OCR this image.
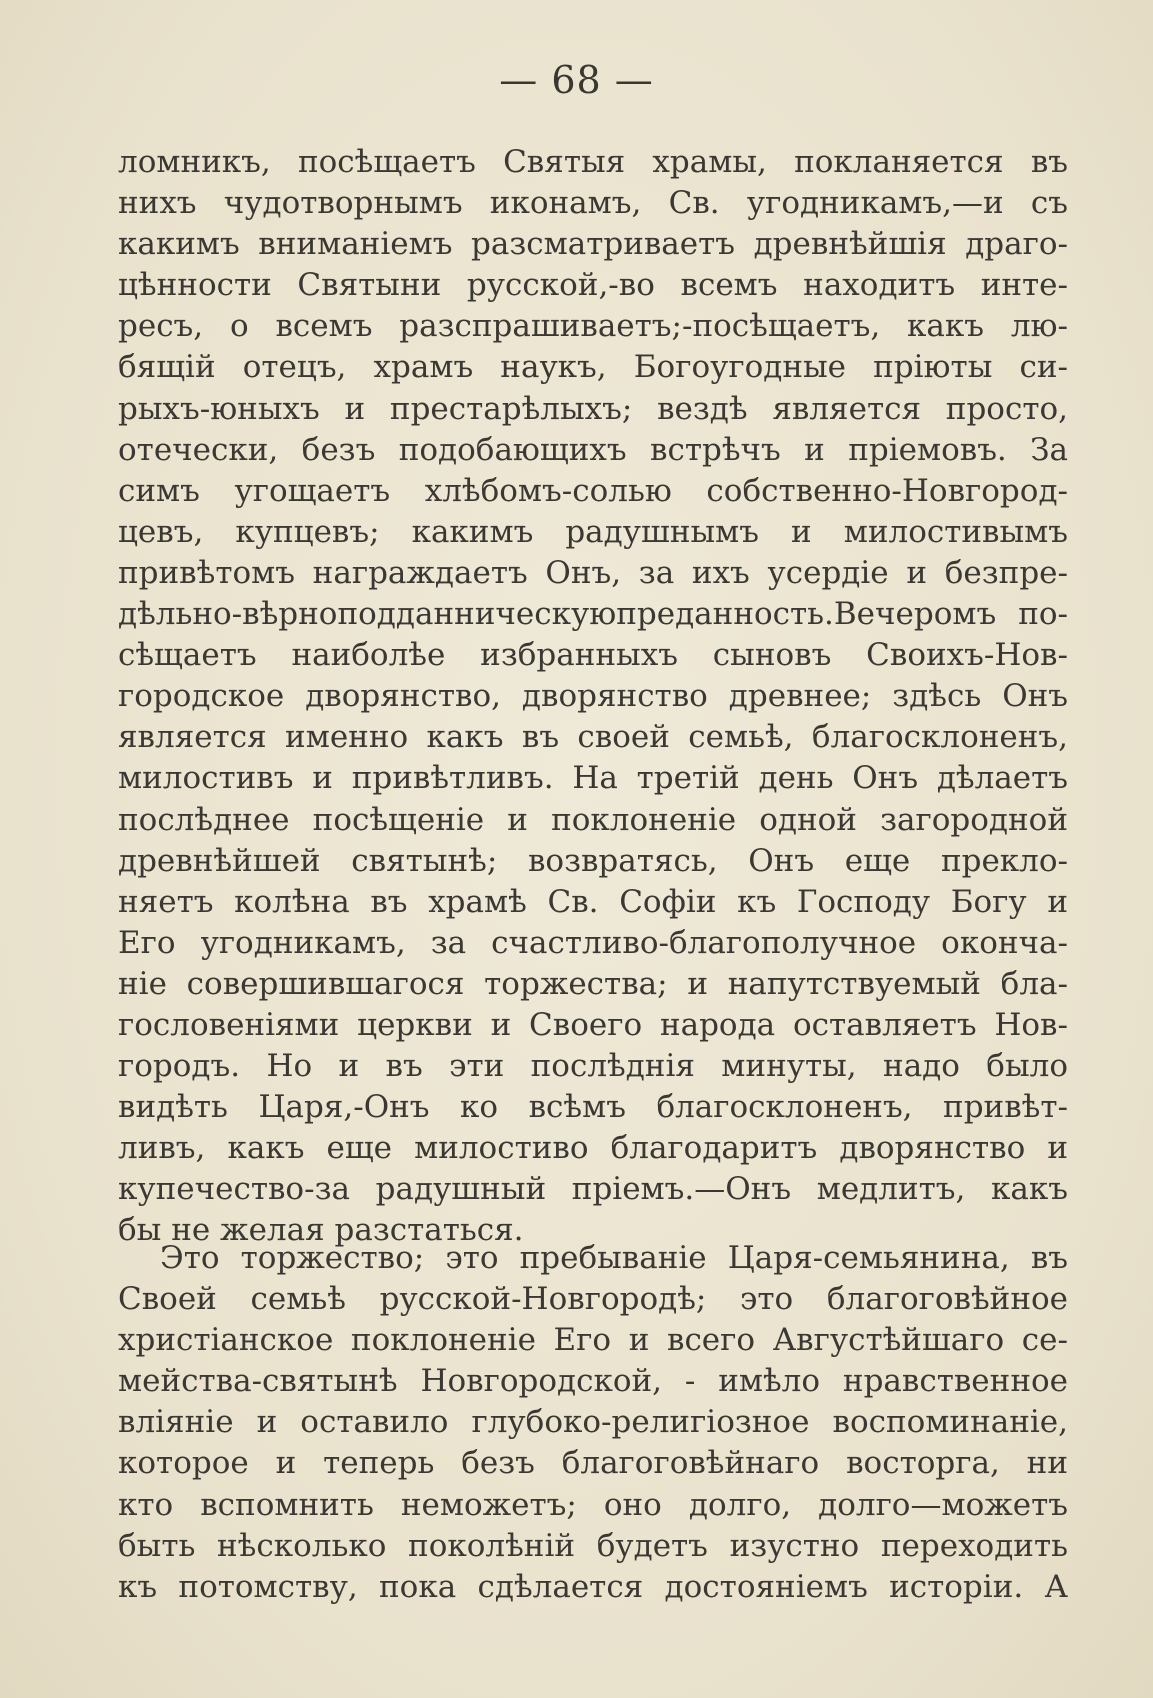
— 68 —
ломникъ, посѣщаетъ Святыя храмы, покланяется въ
нихъ чудотворнымъ иконамъ, Св. угодникамъ,—и съ
какимъ вниманіемъ разсматриваетъ древнѣйшія драго-
цѣнности Святыни русской,-во всемъ находитъ инте-
ресъ, о всемъ разспрашиваетъ;-посѣщаетъ, какъ лю-
бящій отецъ, храмъ наукъ, Богоугодные пріюты си-
рыхъ-юныхъ и престарѣлыхъ; вездѣ является просто,
отечески, безъ подобающихъ встрѣчъ и пріемовъ. За
симъ угощаетъ хлѣбомъ-солью собственно-Новгород-
цевъ, купцевъ; какимъ радушнымъ и милостивымъ
привѣтомъ награждаетъ Онъ, за ихъ усердіе и безпре-
дѣльно-вѣрноподданническуюпреданность.Вечеромъ по-
сѣщаетъ наиболѣе избранныхъ сыновъ Своихъ-Нов-
городское дворянство, дворянство древнее; здѣсь Онъ
является именно какъ въ своей семьѣ, благосклоненъ,
милостивъ и привѣтливъ. На третій день Онъ дѣлаетъ
послѣднее посѣщеніе и поклоненіе одной загородной
древнѣйшей святынѣ; возвратясь, Онъ еще прекло-
няетъ колѣна въ храмѣ Св. Софіи къ Господу Богу и
Его угодникамъ, за счастливо-благополучное оконча-
ніе совершившагося торжества; и напутствуемый бла-
гословеніями церкви и Своего народа оставляетъ Нов-
городъ. Но и въ эти послѣднія минуты, надо было
видѣть Царя,-Онъ ко всѣмъ благосклоненъ, привѣт-
ливъ, какъ еще милостиво благодаритъ дворянство и
купечество-за радушный пріемъ.—Онъ медлитъ, какъ
бы не желая разстаться.
Это торжество; это пребываніе Царя-семьянина, въ
Своей семьѣ русской-Новгородѣ; это благоговѣйное
христіанское поклоненіе Его и всего Августѣйшаго се-
мейства-святынѣ Новгородской, - имѣло нравственное
вліяніе и оставило глубоко-религіозное воспоминаніе,
которое и теперь безъ благоговѣйнаго восторга, ни
кто вспомнить неможетъ; оно долго, долго—можетъ
быть нѣсколько поколѣній будетъ изустно переходить
къ потомству, пока сдѣлается достояніемъ исторіи. А
